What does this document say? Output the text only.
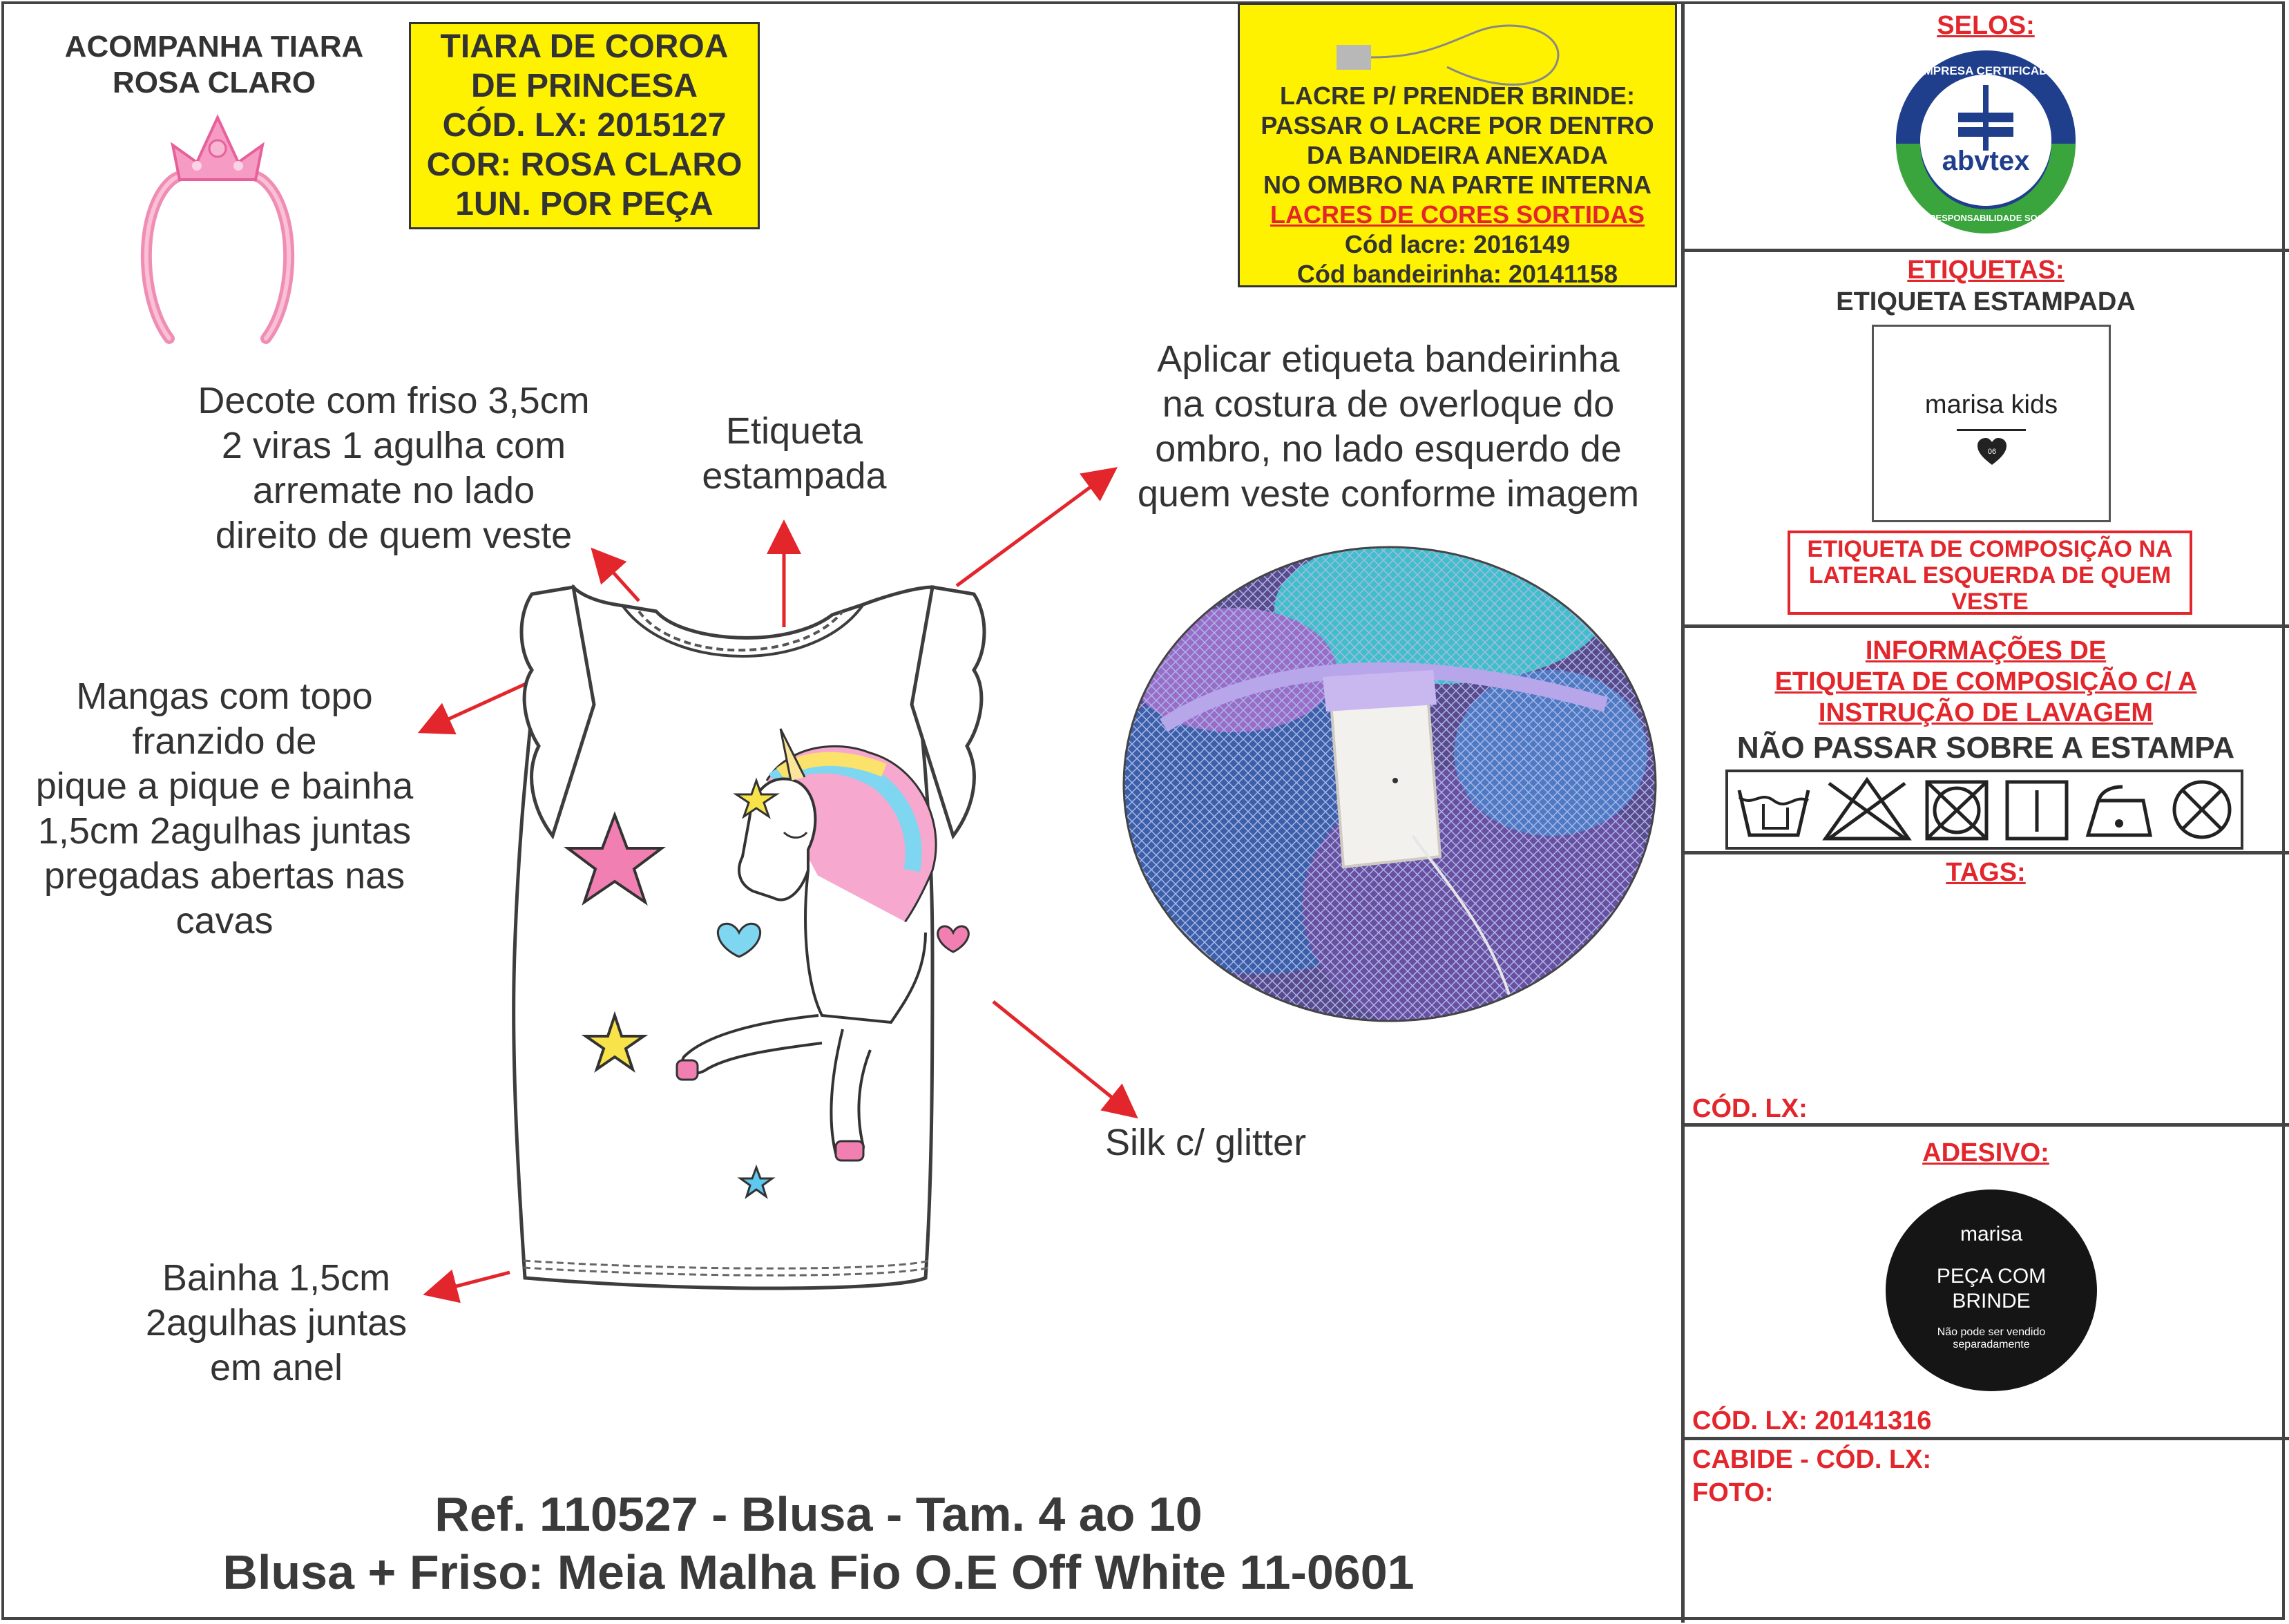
ACOMPANHA TIARA
ROSA CLARO
TIARA DE COROA
DE PRINCESA
CÓD. LX: 2015127
COR: ROSA CLARO
1UN. POR PEÇA
LACRE P/ PRENDER BRINDE:
PASSAR O LACRE POR DENTRO
DA BANDEIRA ANEXADA
NO OMBRO NA PARTE INTERNA
LACRES DE CORES SORTIDAS
Cód lacre: 2016149
Cód bandeirinha: 20141158
Decote com friso 3,5cm
2 viras 1 agulha com
arremate no lado
direito de quem veste
Etiqueta
estampada
Aplicar etiqueta bandeirinha
na costura de overloque do
ombro, no lado esquerdo de
quem veste conforme imagem
Mangas com topo
franzido de
pique a pique e bainha
1,5cm 2agulhas juntas
pregadas abertas nas
cavas
Silk c/ glitter
Bainha 1,5cm
2agulhas juntas
em anel
Ref. 110527 - Blusa - Tam. 4 ao 10
Blusa + Friso: Meia Malha Fio O.E Off White 11-0601
SELOS:
abvtex
EMPRESA CERTIFICADA
EM RESPONSABILIDADE SOCIAL
ETIQUETAS:
ETIQUETA ESTAMPADA
marisa kids
06
ETIQUETA DE COMPOSIÇÃO NA
LATERAL ESQUERDA DE QUEM
VESTE
INFORMAÇÕES DE
ETIQUETA DE COMPOSIÇÃO C/ A
INSTRUÇÃO DE LAVAGEM
NÃO PASSAR SOBRE A ESTAMPA
TAGS:
CÓD. LX:
ADESIVO:
marisa
PEÇA COM
BRINDE
Não pode ser vendido
separadamente
CÓD. LX: 20141316
CABIDE - CÓD. LX:
FOTO:
